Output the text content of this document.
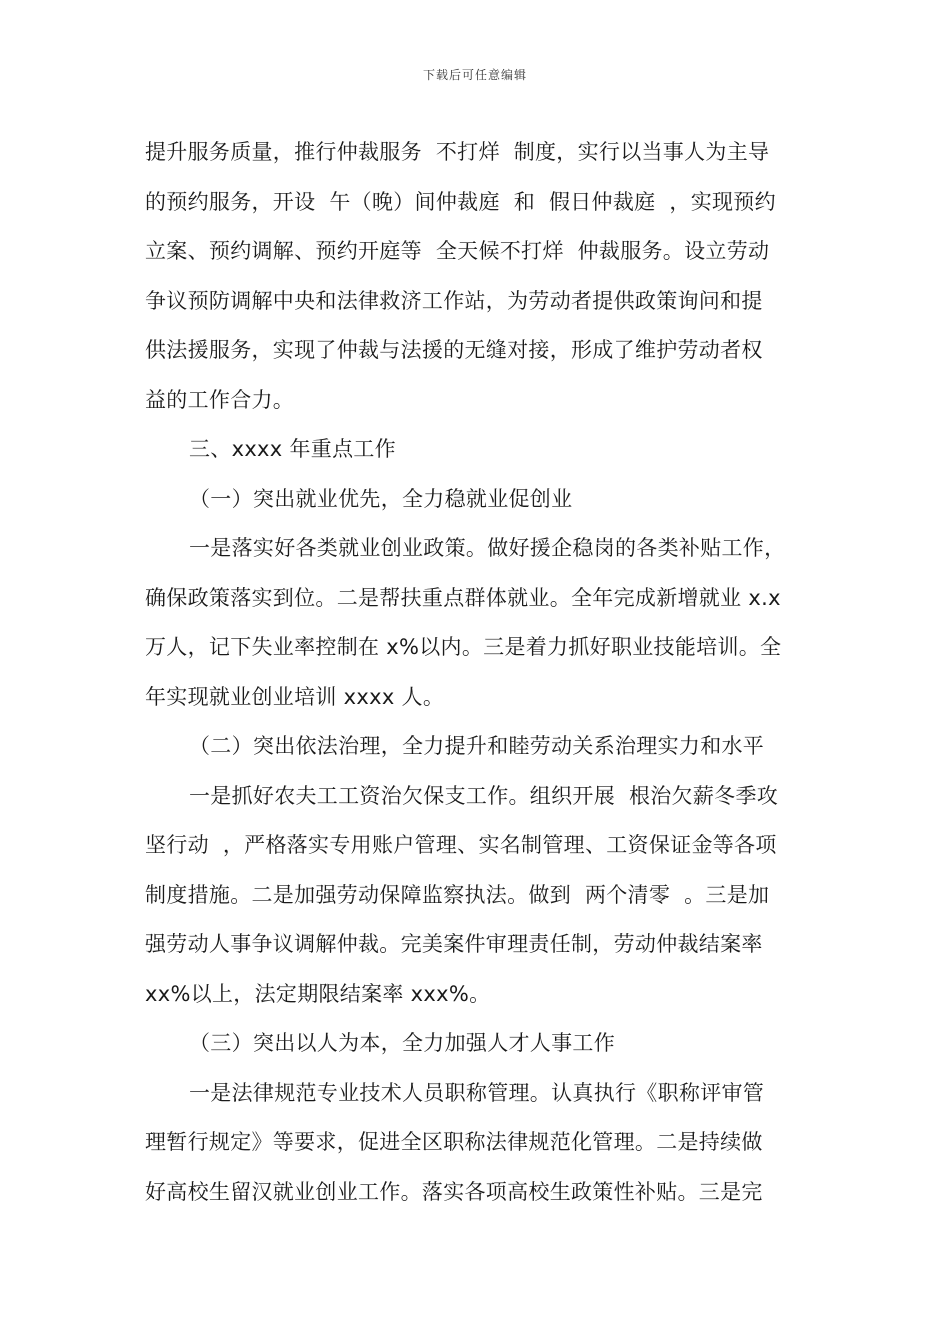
下载后可任意编辑
提升服务质量，推行仲裁服务  不打烊  制度，实行以当事人为主导
的预约服务，开设  午（晚）间仲裁庭  和  假日仲裁庭  ，实现预约
立案、预约调解、预约开庭等  全天候不打烊  仲裁服务。设立劳动
争议预防调解中央和法律救济工作站，为劳动者提供政策询问和提
供法援服务，实现了仲裁与法援的无缝对接，形成了维护劳动者权
益的工作合力。
三、xxxx 年重点工作
（一）突出就业优先，全力稳就业促创业
一是落实好各类就业创业政策。做好援企稳岗的各类补贴工作，
确保政策落实到位。二是帮扶重点群体就业。全年完成新增就业 x.x
万人，记下失业率控制在 x%以内。三是着力抓好职业技能培训。全
年实现就业创业培训 xxxx 人。
（二）突出依法治理，全力提升和睦劳动关系治理实力和水平
一是抓好农夫工工资治欠保支工作。组织开展  根治欠薪冬季攻
坚行动  ，严格落实专用账户管理、实名制管理、工资保证金等各项
制度措施。二是加强劳动保障监察执法。做到  两个清零  。三是加
强劳动人事争议调解仲裁。完美案件审理责任制，劳动仲裁结案率
xx%以上，法定期限结案率 xxx%。
（三）突出以人为本，全力加强人才人事工作
一是法律规范专业技术人员职称管理。认真执行《职称评审管
理暂行规定》等要求，促进全区职称法律规范化管理。二是持续做
好高校生留汉就业创业工作。落实各项高校生政策性补贴。三是完
